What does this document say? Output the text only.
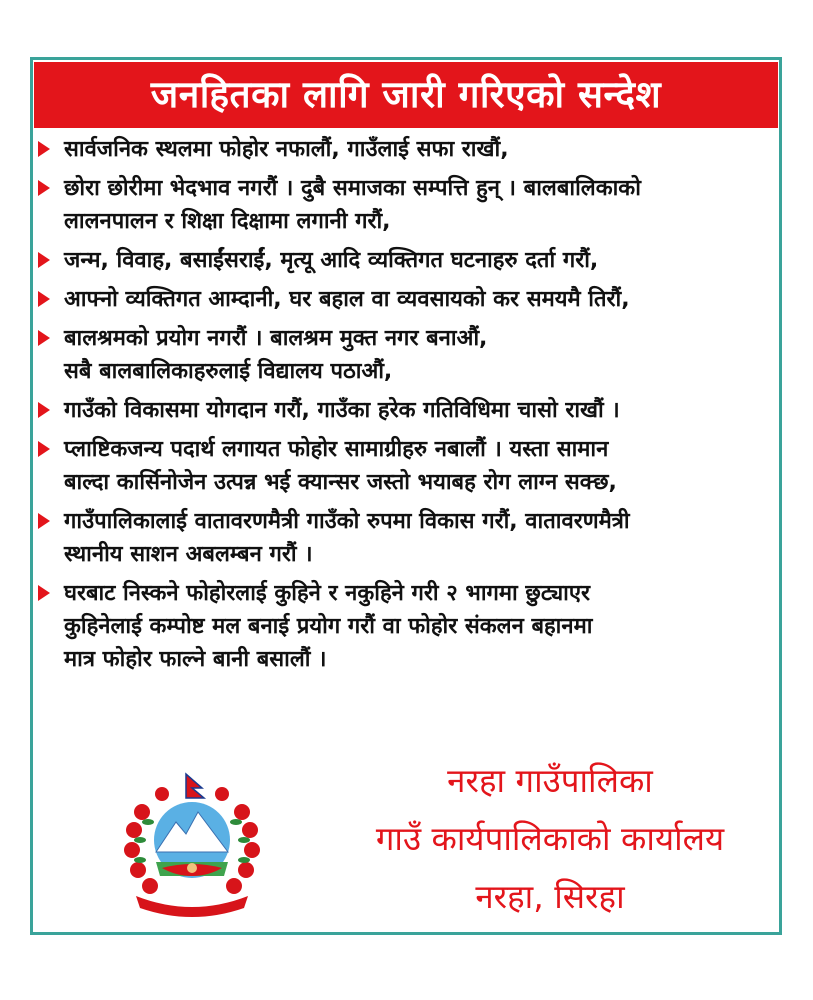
जनहितका लागि जारी गरिएको सन्देश
सार्वजनिक स्थलमा फोहोर नफालौं, गाउँलाई सफा राखौं,
छोरा छोरीमा भेदभाव नगरौं । दुबै समाजका सम्पत्ति हुन् । बालबालिकाको
लालनपालन र शिक्षा दिक्षामा लगानी गरौं,
जन्म, विवाह, बसाईंसराईं, मृत्यू आदि व्यक्तिगत घटनाहरु दर्ता गरौं,
आफ्नो व्यक्तिगत आम्दानी, घर बहाल वा व्यवसायको कर समयमै तिरौं,
बालश्रमको प्रयोग नगरौं । बालश्रम मुक्त नगर बनाऔं,
सबै बालबालिकाहरुलाई विद्यालय पठाऔं,
गाउँको विकासमा योगदान गरौं, गाउँका हरेक गतिविधिमा चासो राखौं ।
प्लाष्टिकजन्य पदार्थ लगायत फोहोर सामाग्रीहरु नबालौं । यस्ता सामान
बाल्दा कार्सिनोजेन उत्पन्न भई क्यान्सर जस्तो भयाबह रोग लाग्न सक्छ,
गाउँपालिकालाई वातावरणमैत्री गाउँको रुपमा विकास गरौं, वातावरणमैत्री
स्थानीय साशन अबलम्बन गरौं ।
घरबाट निस्कने फोहोरलाई कुहिने र नकुहिने गरी २ भागमा छुट्याएर
कुहिनेलाई कम्पोष्ट मल बनाई प्रयोग गरौं वा फोहोर संकलन बहानमा
मात्र फोहोर फाल्ने बानी बसालौं ।
नरहा गाउँपालिका
गाउँ कार्यपालिकाको कार्यालय
नरहा, सिरहा
